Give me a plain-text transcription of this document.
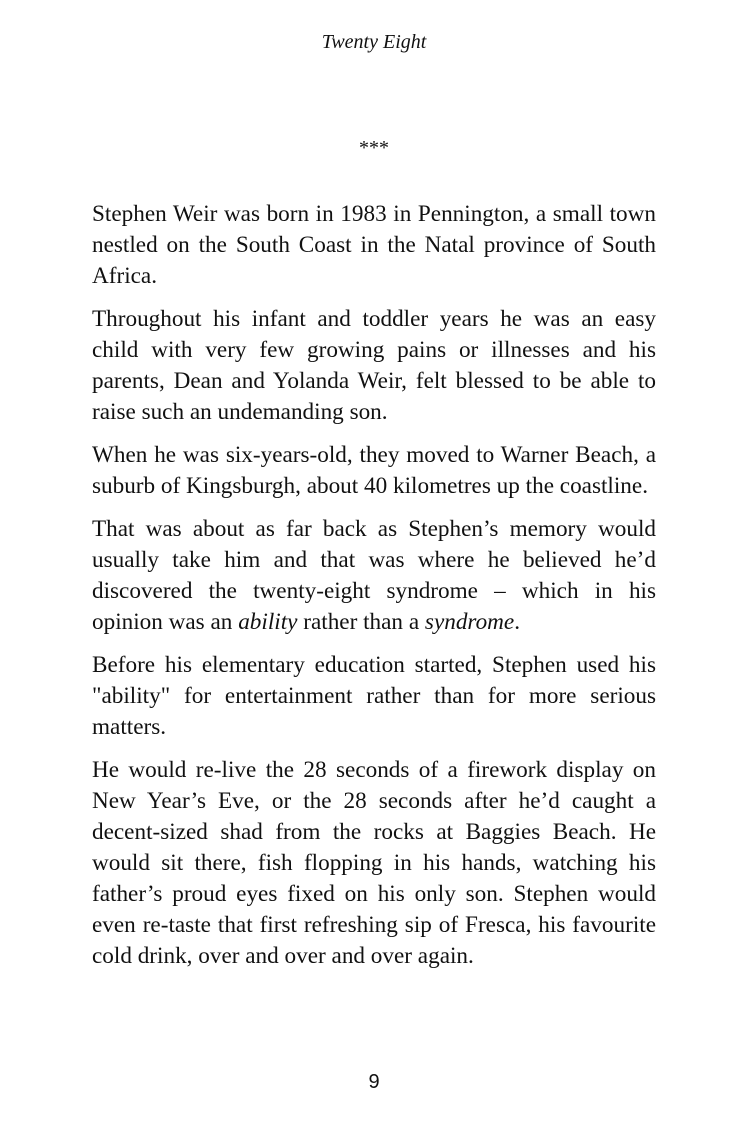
Twenty Eight
***

Stephen Weir was born in 1983 in Pennington, a small town nestled on the South Coast in the Natal province of South Africa.

Throughout his infant and toddler years he was an easy child with very few growing pains or illnesses and his parents, Dean and Yolanda Weir, felt blessed to be able to raise such an undemanding son.

When he was six-years-old, they moved to Warner Beach, a suburb of Kingsburgh, about 40 kilometres up the coastline.

That was about as far back as Stephen’s memory would usually take him and that was where he believed he’d discovered the twenty-eight syndrome – which in his opinion was an ability rather than a syndrome.

Before his elementary education started, Stephen used his "ability" for entertainment rather than for more serious matters.

He would re-live the 28 seconds of a firework display on New Year’s Eve, or the 28 seconds after he’d caught a decent-sized shad from the rocks at Baggies Beach. He would sit there, fish flopping in his hands, watching his father’s proud eyes fixed on his only son. Stephen would even re-taste that first refreshing sip of Fresca, his favourite cold drink, over and over and over again.

9
